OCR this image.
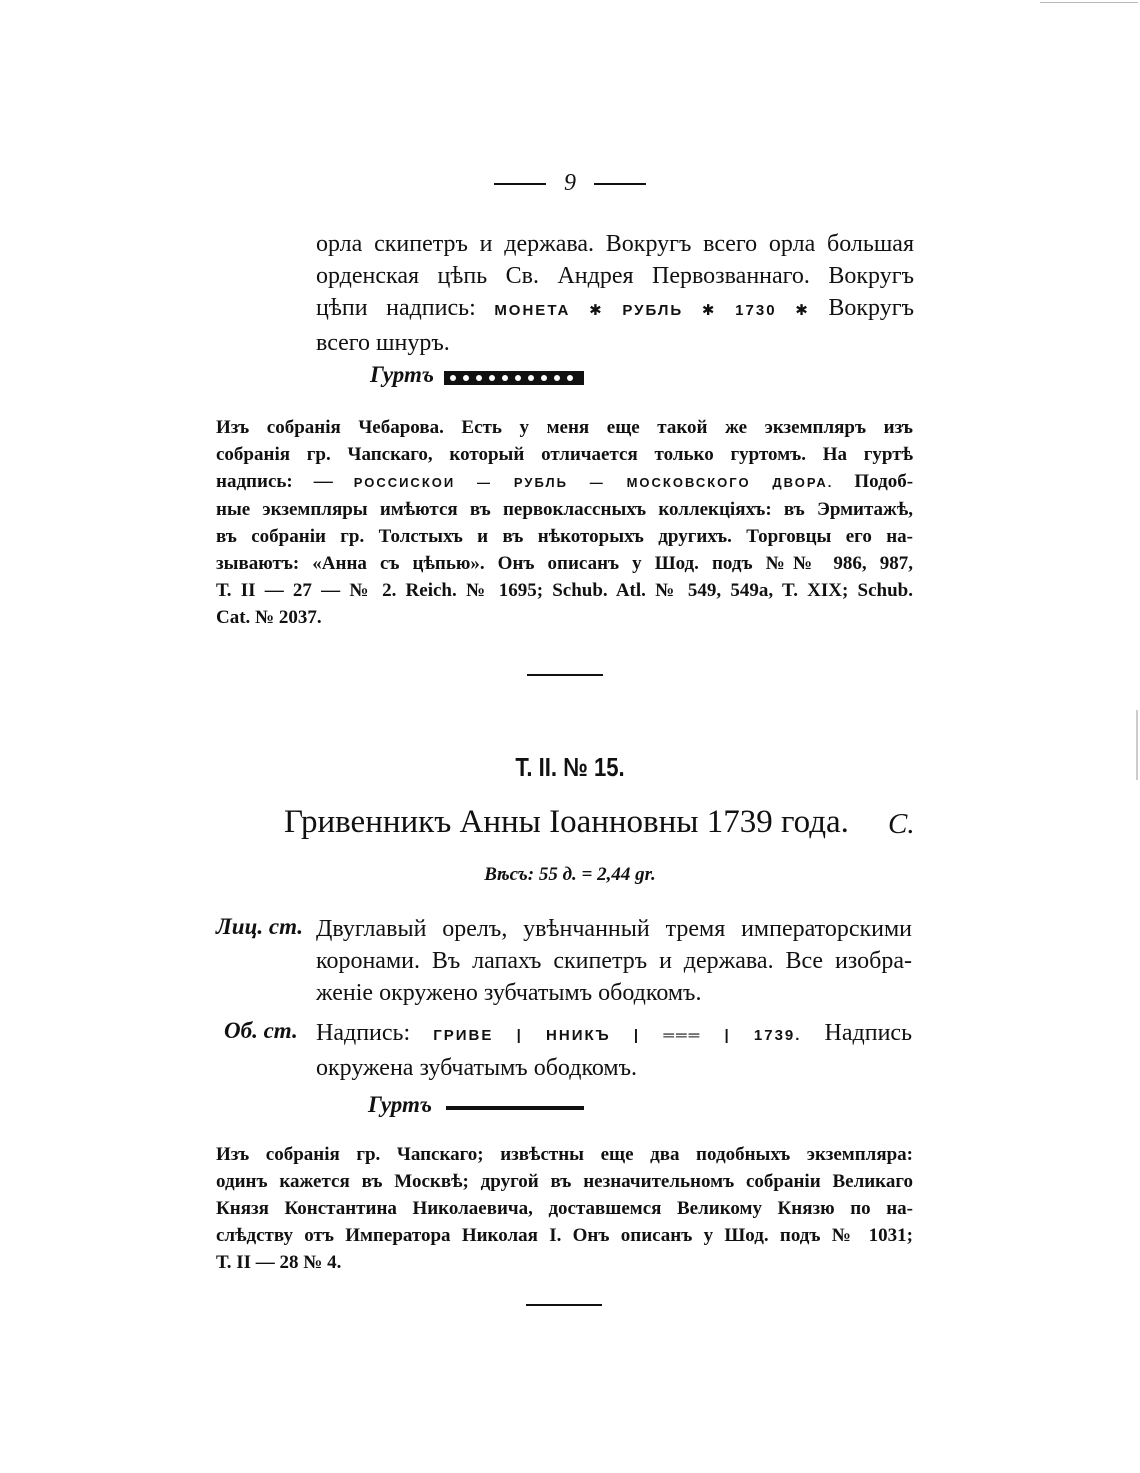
9
орла скипетръ и держава. Вокругъ всего орла большая
орденская цѣпь Св. Андрея Первозваннаго. Вокругъ
цѣпи надпись: МОНЕТА ✱ РУБЛЬ ✱ 1730 ✱ Вокругъ
всего шнуръ.
Гуртъ
Изъ собранія Чебарова. Есть у меня еще такой же экземпляръ изъ
собранія гр. Чапскаго, который отличается только гуртомъ. На гуртѣ
надпись: — РОССИСКОИ — РУБЛЬ — МОСКОВСКОГО ДВОРА. Подоб-
ные экземпляры имѣются въ первоклассныхъ коллекціяхъ: въ Эрмитажѣ,
въ собраніи гр. Толстыхъ и въ нѣкоторыхъ другихъ. Торговцы его на-
зываютъ: «Анна съ цѣпью». Онъ описанъ у Шод. подъ №№ 986, 987,
Т. II — 27 — № 2. Reich. № 1695; Schub. Atl. № 549, 549a, T. XIX; Schub.
Cat. № 2037.
Т. II. № 15.
Гривенникъ Анны Іоанновны 1739 года. С.
Вѣсъ: 55 д. = 2,44 gr.
Лиц. ст. Двуглавый орелъ, увѣнчанный тремя императорскими
коронами. Въ лапахъ скипетръ и держава. Все изобра-
женіе окружено зубчатымъ ободкомъ.
Об. ст. Надпись: ГРИВЕ | ННИКЪ | ═══ | 1739. Надпись
окружена зубчатымъ ободкомъ.
Гуртъ
Изъ собранія гр. Чапскаго; извѣстны еще два подобныхъ экземпляра:
одинъ кажется въ Москвѣ; другой въ незначительномъ собраніи Великаго
Князя Константина Николаевича, доставшемся Великому Князю по на-
слѣдству отъ Императора Николая I. Онъ описанъ у Шод. подъ № 1031;
Т. II — 28 № 4.
